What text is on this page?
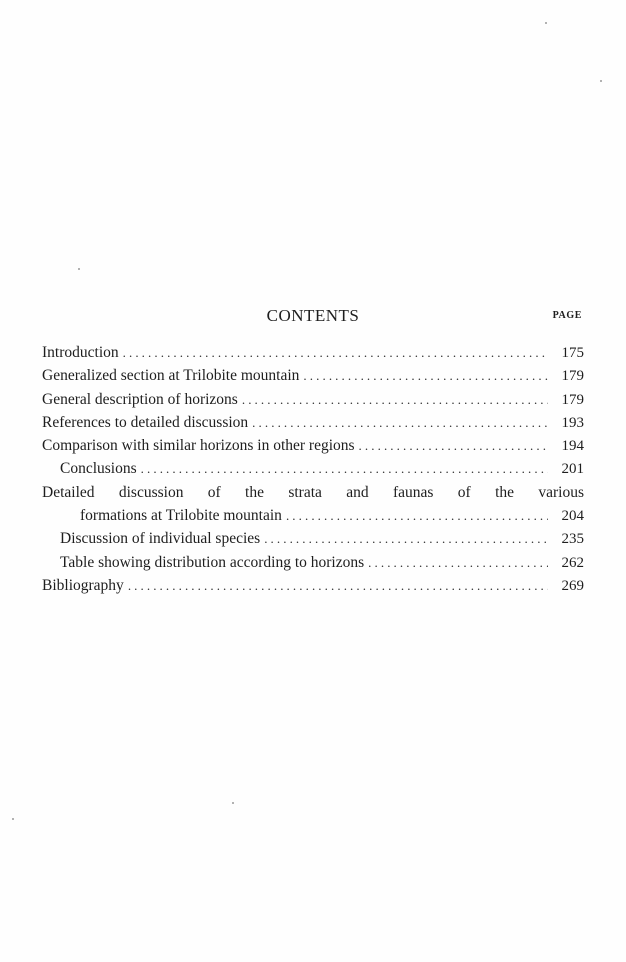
CONTENTS	PAGE
Introduction .....	175
Generalized section at Trilobite mountain .....	179
General description of horizons .....	179
References to detailed discussion .....	193
Comparison with similar horizons in other regions .....	194
Conclusions .....	201
Detailed discussion of the strata and faunas of the various
formations at Trilobite mountain .....	204
Discussion of individual species .....	235
Table showing distribution according to horizons .....	262
Bibliography .....	269
